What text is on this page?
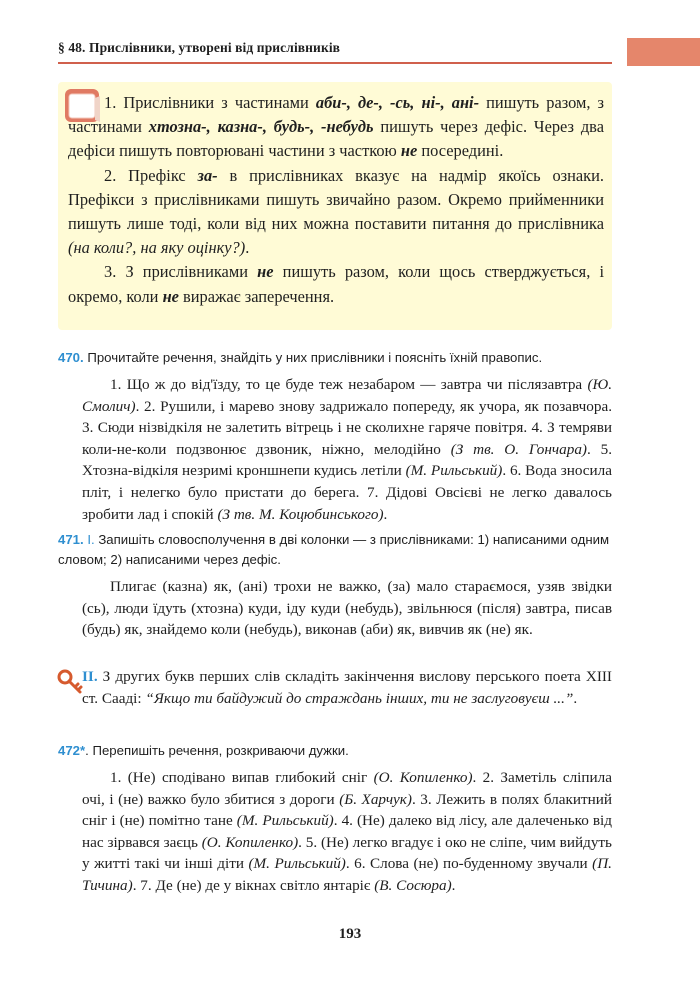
§ 48. Прислівники, утворені від прислівників

1. Прислівники з частинами аби-, де-, -сь, ні-, ані- пишуть разом, з частинами хтозна-, казна-, будь-, -небудь пишуть через дефіс. Через два дефіси пишуть повторювані частини з часткою не посередині.

2. Префікс за- в прислівниках вказує на надмір якоїсь ознаки. Префікси з прислівниками пишуть звичайно разом. Окремо прийменники пишуть лише тоді, коли від них можна поставити питання до прислівника (на коли?, на яку оцінку?).

3. З прислівниками не пишуть разом, коли щось стверджується, і окремо, коли не виражає заперечення.

470. Прочитайте речення, знайдіть у них прислівники і поясніть їхній правопис.

1. Що ж до від'їзду, то це буде теж незабаром — завтра чи післязавтра (Ю. Смолич). 2. Рушили, і марево знову задрижало попереду, як учора, як позавчора. 3. Сюди нізвідкіля не залетить вітрець і не сколихне гаряче повітря. 4. З темряви коли-не-коли подзвонює дзвоник, ніжно, мелодійно (З тв. О. Гончара). 5. Хтозна-відкіля незримі кроншнепи кудись летіли (М. Рильський). 6. Вода зносила пліт, і нелегко було пристати до берега. 7. Дідові Овсієві не легко давалось зробити лад і спокій (З тв. М. Коцюбинського).

471. I. Запишіть словосполучення в дві колонки — з прислівниками: 1) написаними одним словом; 2) написаними через дефіс.

Плигає (казна) як, (ані) трохи не важко, (за) мало стараємося, узяв звідки (сь), люди їдуть (хтозна) куди, іду куди (небудь), звільнюся (після) завтра, писав (будь) як, знайдемо коли (небудь), виконав (аби) як, вивчив як (не) як.

II. З других букв перших слів складіть закінчення вислову перського поета XIII ст. Сааді: “Якщо ти байдужий до страждань інших, ти не заслуговуєш ...”.

472*. Перепишіть речення, розкриваючи дужки.

1. (Не) сподівано випав глибокий сніг (О. Копиленко). 2. Заметіль сліпила очі, і (не) важко було збитися з дороги (Б. Харчук). 3. Лежить в полях блакитний сніг і (не) помітно тане (М. Рильський). 4. (Не) далеко від лісу, але далеченько від нас зірвався заєць (О. Копиленко). 5. (Не) легко вгадує і око не сліпе, чим вийдуть у житті такі чи інші діти (М. Рильський). 6. Слова (не) по-буденному звучали (П. Тичина). 7. Де (не) де у вікнах світло янтаріє (В. Сосюра).

193
